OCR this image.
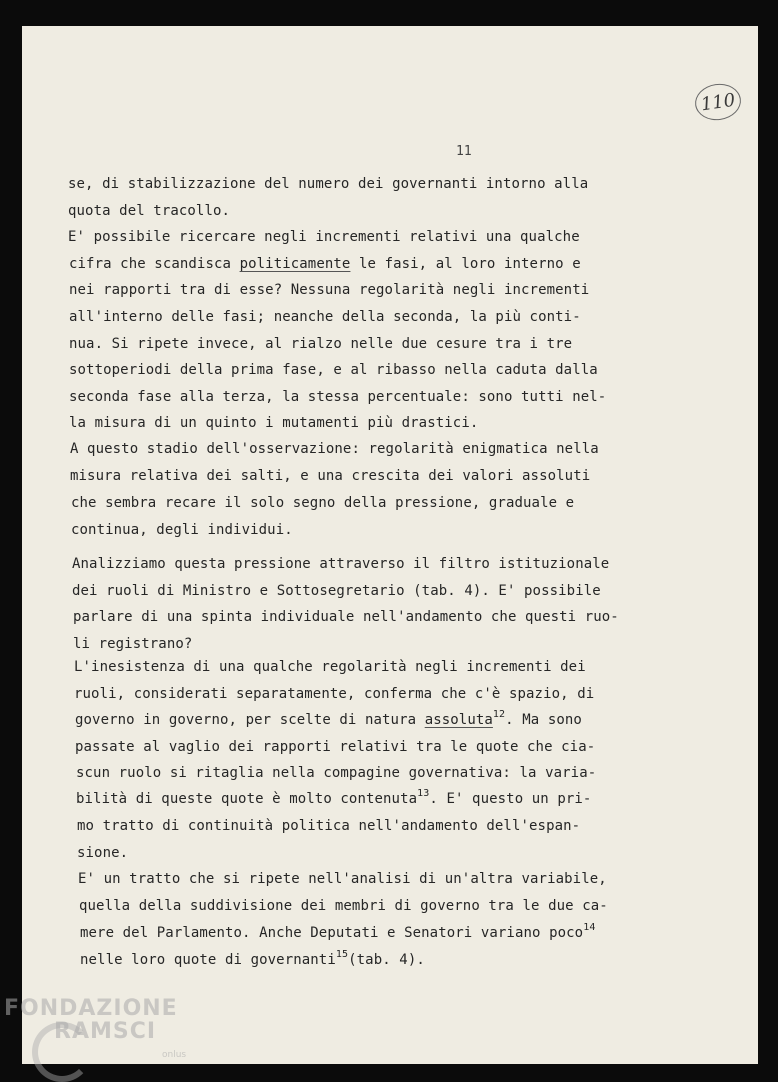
110
11
se, di stabilizzazione del numero dei governanti intorno alla
quota del tracollo.
E' possibile ricercare negli incrementi relativi una qualche
cifra che scandisca politicamente le fasi, al loro interno e
nei rapporti tra di esse? Nessuna regolarità negli incrementi
all'interno delle fasi; neanche della seconda, la più conti-
nua. Si ripete invece, al rialzo nelle due cesure tra i tre
sottoperiodi della prima fase, e al ribasso nella caduta dalla
seconda fase alla terza, la stessa percentuale: sono tutti nel-
la misura di un quinto i mutamenti più drastici.
A questo stadio dell'osservazione: regolarità enigmatica nella
misura relativa dei salti, e una crescita dei valori assoluti
che sembra recare il solo segno della pressione, graduale e
continua, degli individui.
Analizziamo questa pressione attraverso il filtro istituzionale
dei ruoli di Ministro e Sottosegretario (tab. 4). E' possibile
parlare di una spinta individuale nell'andamento che questi ruo-
li registrano?
L'inesistenza di una qualche regolarità negli incrementi dei
ruoli, considerati separatamente, conferma che c'è spazio, di
governo in governo, per scelte di natura assoluta$^{12}$. Ma sono
passate al vaglio dei rapporti relativi tra le quote che cia-
scun ruolo si ritaglia nella compagine governativa: la varia-
bilità di queste quote è molto contenuta$^{13}$. E' questo un pri-
mo tratto di continuità politica nell'andamento dell'espan-
sione.
E' un tratto che si ripete nell'analisi di un'altra variabile,
quella della suddivisione dei membri di governo tra le due ca-
mere del Parlamento. Anche Deputati e Senatori variano poco$^{14}$
nelle loro quote di governanti$^{15}$(tab. 4).
FONDAZIONE
RAMSCI
onlus
